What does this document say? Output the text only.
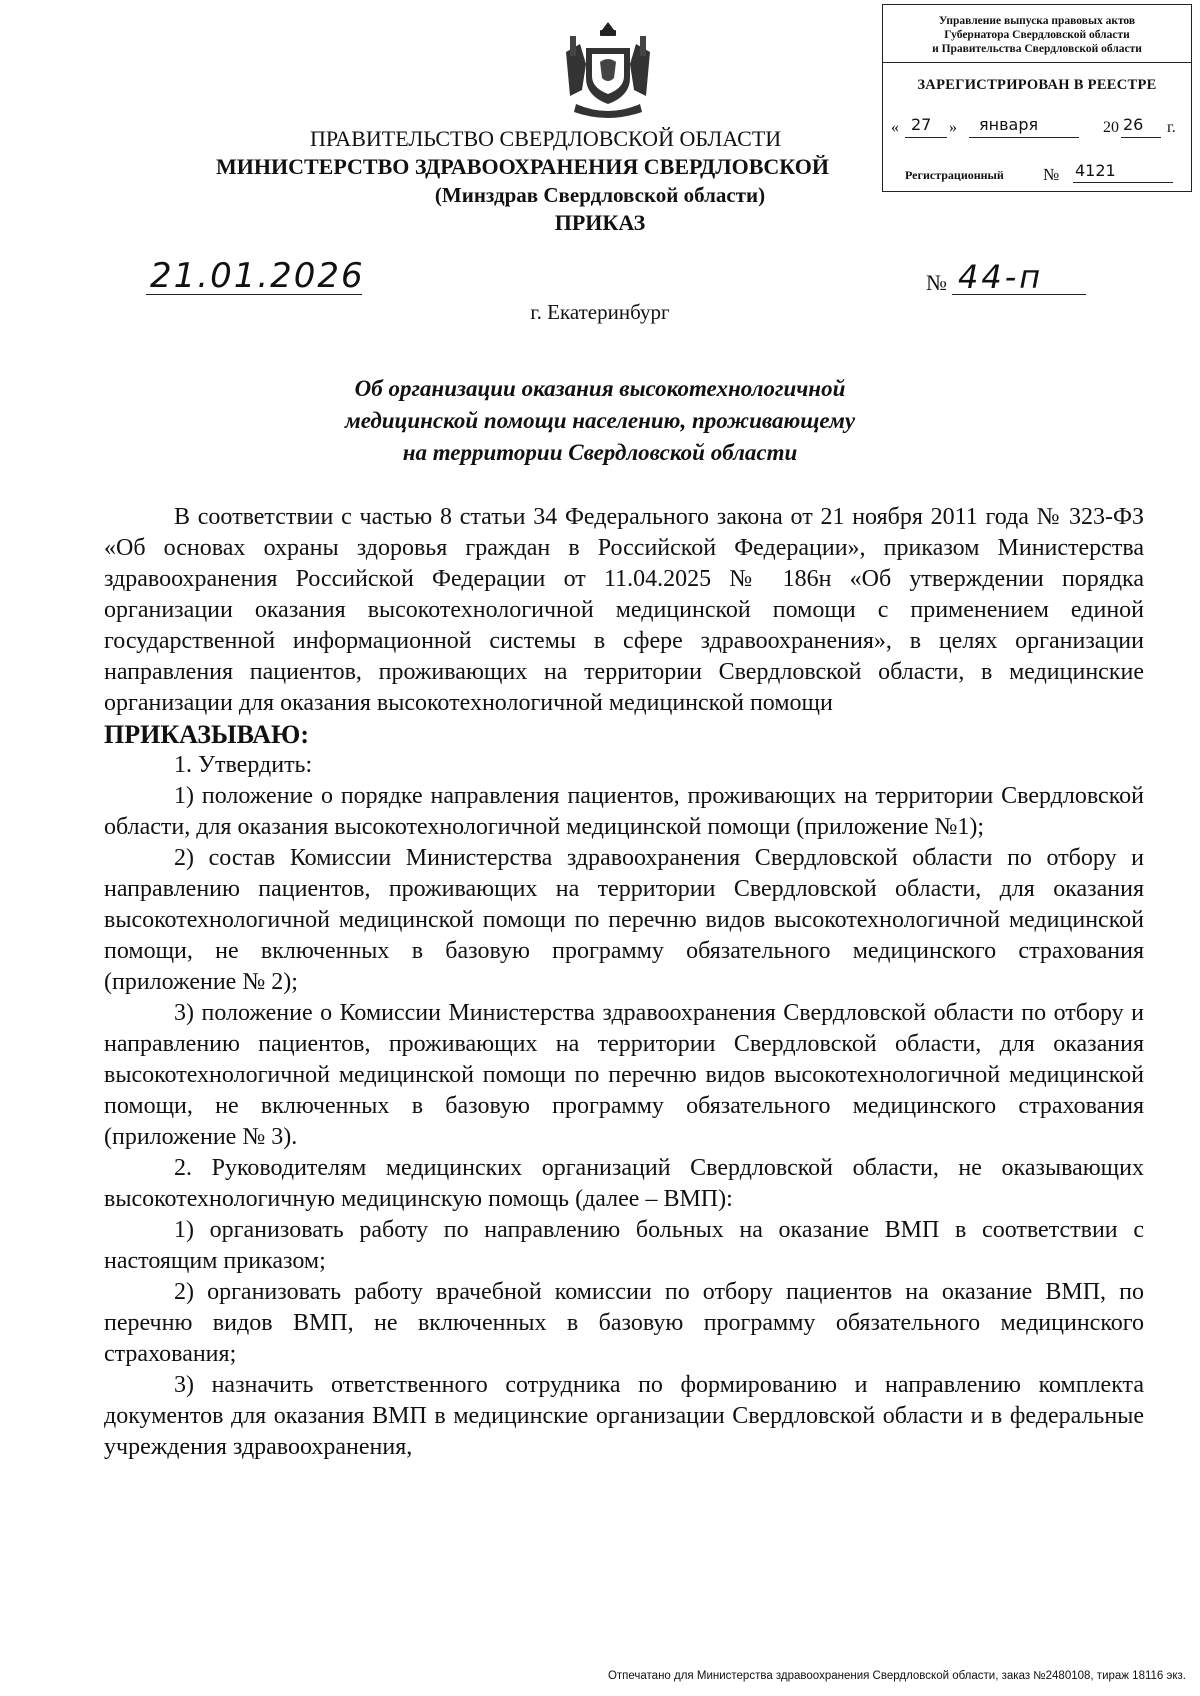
Управление выпуска правовых актов
Губернатора Свердловской области
и Правительства Свердловской области
ЗАРЕГИСТРИРОВАН В РЕЕСТРЕ
« 27 » января	20 26 г.
Регистрационный № 4121
ПРАВИТЕЛЬСТВО СВЕРДЛОВСКОЙ ОБЛАСТИ
МИНИСТЕРСТВО ЗДРАВООХРАНЕНИЯ СВЕРДЛОВСКОЙ
(Минздрав Свердловской области)
ПРИКАЗ
21.01.2026	№ 44-п
г. Екатеринбург
Об организации оказания высокотехнологичной
медицинской помощи населению, проживающему
на территории Свердловской области

В соответствии с частью 8 статьи 34 Федерального закона от 21 ноября 2011 года № 323-ФЗ «Об основах охраны здоровья граждан в Российской Федерации», приказом Министерства здравоохранения Российской Федерации от 11.04.2025 № 186н «Об утверждении порядка организации оказания высокотехнологичной медицинской помощи с применением единой государственной информационной системы в сфере здравоохранения», в целях организации направления пациентов, проживающих на территории Свердловской области, в медицинские организации для оказания высокотехнологичной медицинской помощи

ПРИКАЗЫВАЮ:

1. Утвердить:

1) положение о порядке направления пациентов, проживающих на территории Свердловской области, для оказания высокотехнологичной медицинской помощи (приложение №1);

2) состав Комиссии Министерства здравоохранения Свердловской области по отбору и направлению пациентов, проживающих на территории Свердловской области, для оказания высокотехнологичной медицинской помощи по перечню видов высокотехнологичной медицинской помощи, не включенных в базовую программу обязательного медицинского страхования (приложение № 2);

3) положение о Комиссии Министерства здравоохранения Свердловской области по отбору и направлению пациентов, проживающих на территории Свердловской области, для оказания высокотехнологичной медицинской помощи по перечню видов высокотехнологичной медицинской помощи, не включенных в базовую программу обязательного медицинского страхования (приложение № 3).

2. Руководителям медицинских организаций Свердловской области, не оказывающих высокотехнологичную медицинскую помощь (далее – ВМП):

1) организовать работу по направлению больных на оказание ВМП в соответствии с настоящим приказом;

2) организовать работу врачебной комиссии по отбору пациентов на оказание ВМП, по перечню видов ВМП, не включенных в базовую программу обязательного медицинского страхования;

3) назначить ответственного сотрудника по формированию и направлению комплекта документов для оказания ВМП в медицинские организации Свердловской области и в федеральные учреждения здравоохранения,

Отпечатано для Министерства здравоохранения Свердловской области, заказ №2480108, тираж 18116 экз.
